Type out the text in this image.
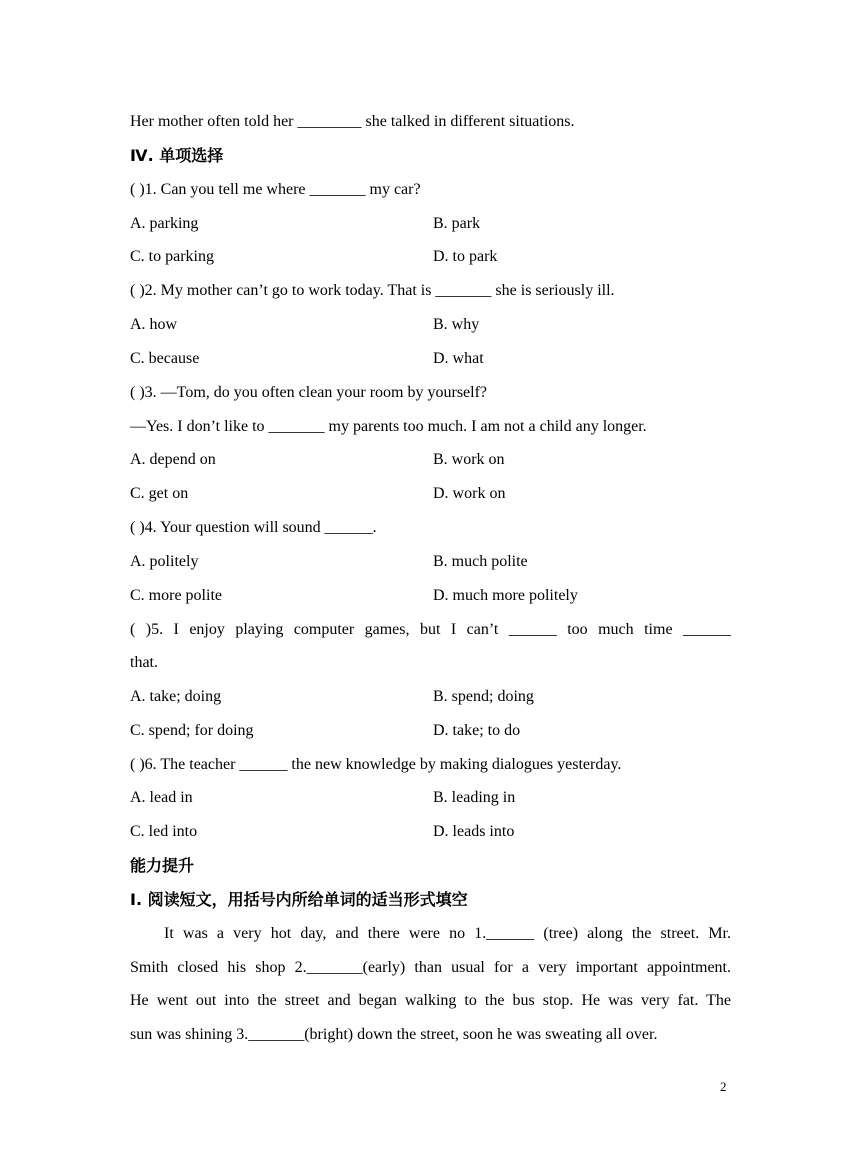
Her mother often told her ________ she talked in different situations.
Ⅳ. 单项选择
( )1. Can you tell me where _______ my car?
A. parking	B. park
C. to parking	D. to park
( )2. My mother can’t go to work today. That is _______ she is seriously ill.
A. how	B. why
C. because	D. what
( )3. —Tom, do you often clean your room by yourself?
—Yes. I don’t like to _______ my parents too much. I am not a child any longer.
A. depend on	B. work on
C. get on	D. work on
( )4. Your question will sound ______.
A. politely	B. much polite
C. more polite	D. much more politely
( )5. I enjoy playing computer games, but I can’t ______ too much time ______
that.
A. take; doing	B. spend; doing
C. spend; for doing	D. take; to do
( )6. The teacher ______ the new knowledge by making dialogues yesterday.
A. lead in	B. leading in
C. led into	D. leads into
能力提升
Ⅰ. 阅读短文，用括号内所给单词的适当形式填空
It was a very hot day, and there were no 1.______ (tree) along the street. Mr.
Smith closed his shop 2._______(early) than usual for a very important appointment.
He went out into the street and began walking to the bus stop. He was very fat. The
sun was shining 3._______(bright) down the street, soon he was sweating all over.
2
